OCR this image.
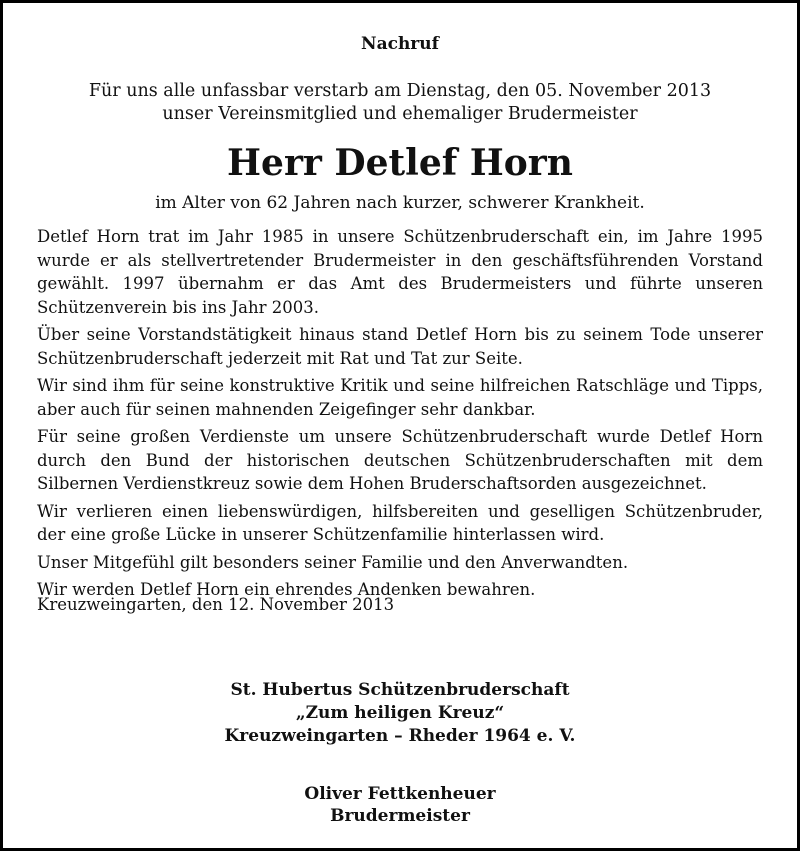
Nachruf
Für uns alle unfassbar verstarb am Dienstag, den 05. November 2013
unser Vereinsmitglied und ehemaliger Brudermeister
Herr Detlef Horn
im Alter von 62 Jahren nach kurzer, schwerer Krankheit.

Detlef Horn trat im Jahr 1985 in unsere Schützenbruderschaft ein, im Jahre 1995 wurde er als stellvertretender Brudermeister in den geschäftsführenden Vorstand gewählt. 1997 übernahm er das Amt des Brudermeisters und führte unseren Schützenverein bis ins Jahr 2003.

Über seine Vorstandstätigkeit hinaus stand Detlef Horn bis zu seinem Tode unserer Schützenbruderschaft jederzeit mit Rat und Tat zur Seite.

Wir sind ihm für seine konstruktive Kritik und seine hilfreichen Ratschläge und Tipps, aber auch für seinen mahnenden Zeigefinger sehr dankbar.

Für seine großen Verdienste um unsere Schützenbruderschaft wurde Detlef Horn durch den Bund der historischen deutschen Schützenbruderschaften mit dem Silbernen Verdienstkreuz sowie dem Hohen Bruderschaftsorden ausgezeichnet.

Wir verlieren einen liebenswürdigen, hilfsbereiten und geselligen Schützenbruder, der eine große Lücke in unserer Schützenfamilie hinterlassen wird.

Unser Mitgefühl gilt besonders seiner Familie und den Anverwandten.

Wir werden Detlef Horn ein ehrendes Andenken bewahren.

Kreuzweingarten, den 12. November 2013
St. Hubertus Schützenbruderschaft
„Zum heiligen Kreuz“
Kreuzweingarten – Rheder 1964 e. V.
Oliver Fettkenheuer
Brudermeister
